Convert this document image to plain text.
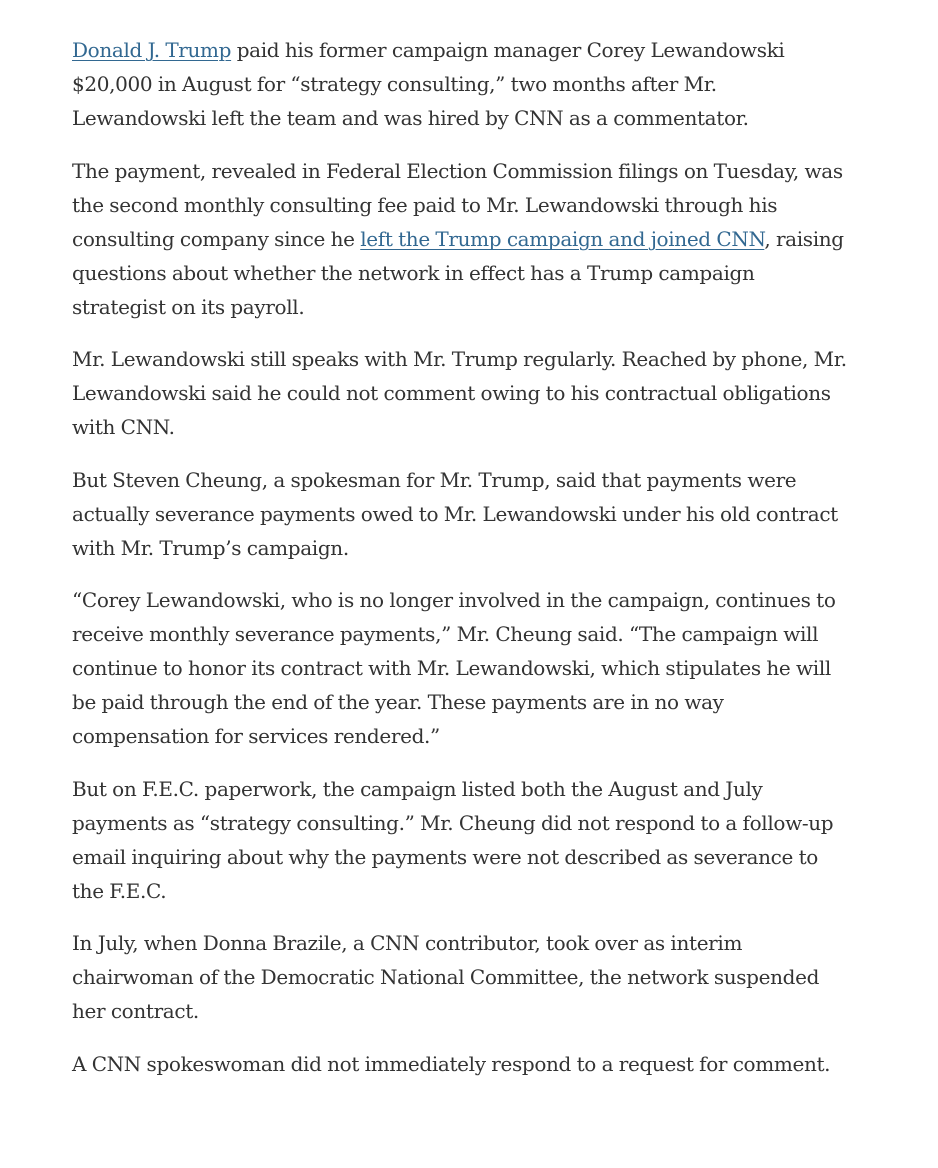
Donald J. Trump paid his former campaign manager Corey Lewandowski $20,000 in August for “strategy consulting,” two months after Mr. Lewandowski left the team and was hired by CNN as a commentator.

The payment, revealed in Federal Election Commission filings on Tuesday, was the second monthly consulting fee paid to Mr. Lewandowski through his consulting company since he left the Trump campaign and joined CNN, raising questions about whether the network in effect has a Trump campaign strategist on its payroll.

Mr. Lewandowski still speaks with Mr. Trump regularly. Reached by phone, Mr. Lewandowski said he could not comment owing to his contractual obligations with CNN.

But Steven Cheung, a spokesman for Mr. Trump, said that payments were actually severance payments owed to Mr. Lewandowski under his old contract with Mr. Trump’s campaign.

“Corey Lewandowski, who is no longer involved in the campaign, continues to receive monthly severance payments,” Mr. Cheung said. “The campaign will continue to honor its contract with Mr. Lewandowski, which stipulates he will be paid through the end of the year. These payments are in no way compensation for services rendered.”

But on F.E.C. paperwork, the campaign listed both the August and July payments as “strategy consulting.” Mr. Cheung did not respond to a follow-up email inquiring about why the payments were not described as severance to the F.E.C.

In July, when Donna Brazile, a CNN contributor, took over as interim chairwoman of the Democratic National Committee, the network suspended her contract.

A CNN spokeswoman did not immediately respond to a request for comment.
